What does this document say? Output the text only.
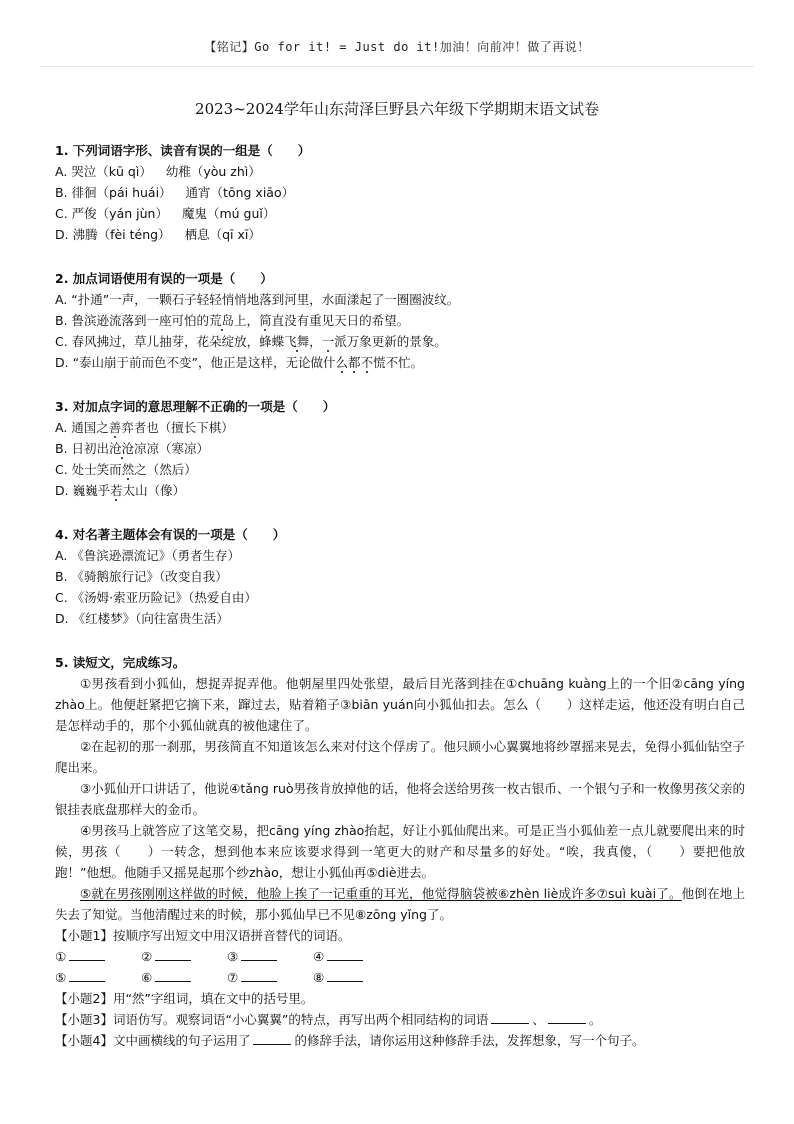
【铭记】Go for it! = Just do it!加油！向前冲！做了再说！
2023~2024学年山东菏泽巨野县六年级下学期期末语文试卷
1. 下列词语字形、读音有误的一组是（　　）
A. 哭泣（kū qì） 幼稚（yòu zhì）
B. 徘徊（pái huái） 通宵（tōng xiāo）
C. 严俊（yán jùn） 魔鬼（mú guǐ）
D. 沸腾（fèi téng） 栖息（qī xī）
2. 加点词语使用有误的一项是（　　）
A. “扑通”一声，一颗石子轻轻悄悄地落到河里，水面漾起了一圈圈波纹。
B. 鲁滨逊流落到一座可怕的荒岛上，简直没有重见天日的希望。
C. 春风拂过，草儿抽芽，花朵绽放，蜂蝶飞舞，一派万象更新的景象。
D. “泰山崩于前而色不变”，他正是这样，无论做什么都不慌不忙。
3. 对加点字词的意思理解不正确的一项是（　　）
A. 通国之善弈者也（擅长下棋）
B. 日初出沧沧凉凉（寒凉）
C. 处士笑而然之（然后）
D. 巍巍乎若太山（像）
4. 对名著主题体会有误的一项是（　　）
A. 《鲁滨逊漂流记》（勇者生存）
B. 《骑鹅旅行记》（改变自我）
C. 《汤姆·索亚历险记》（热爱自由）
D. 《红楼梦》（向往富贵生活）
5. 读短文，完成练习。

①男孩看到小狐仙，想捉弄捉弄他。他朝屋里四处张望，最后目光落到挂在①chuāng kuàng上的一个旧②cāng yíng zhào上。他便赶紧把它摘下来，蹿过去，贴着箱子③biān yuán向小狐仙扣去。怎么（　　）这样走运，他还没有明白自己是怎样动手的，那个小狐仙就真的被他逮住了。

②在起初的那一刹那，男孩简直不知道该怎么来对付这个俘虏了。他只顾小心翼翼地将纱罩摇来晃去，免得小狐仙钻空子爬出来。

③小狐仙开口讲话了，他说④tǎng ruò男孩肯放掉他的话，他将会送给男孩一枚古银币、一个银勺子和一枚像男孩父亲的银挂表底盘那样大的金币。

④男孩马上就答应了这笔交易，把cāng yíng zhào抬起，好让小狐仙爬出来。可是正当小狐仙差一点儿就要爬出来的时候，男孩（　　）一转念，想到他本来应该要求得到一笔更大的财产和尽量多的好处。“唉，我真傻，（　　）要把他放跑！”他想。他随手又摇晃起那个纱zhào，想让小狐仙再⑤diè进去。

⑤就在男孩刚刚这样做的时候，他脸上挨了一记重重的耳光，他觉得脑袋被⑥zhèn liè成许多⑦suì kuài了。他倒在地上失去了知觉。当他清醒过来的时候，那小狐仙早已不见⑧zōng yǐng了。

【小题1】按顺序写出短文中用汉语拼音替代的词语。
①	②	③	④
⑤	⑥	⑦	⑧
【小题2】用“然”字组词，填在文中的括号里。
【小题3】词语仿写。观察词语“小心翼翼”的特点，再写出两个相同结构的词语	、	。
【小题4】文中画横线的句子运用了	的修辞手法，请你运用这种修辞手法，发挥想象，写一个句子。
